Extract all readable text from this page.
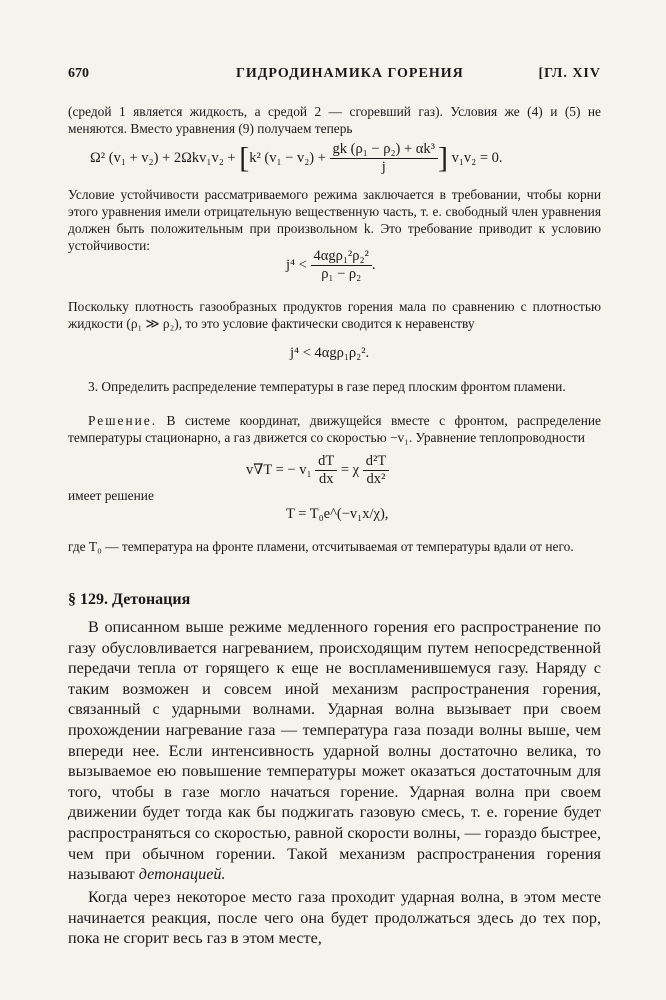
670	ГИДРОДИНАМИКА ГОРЕНИЯ	[ГЛ. XIV

(средой 1 является жидкость, а средой 2 — сгоревший газ). Условия же (4) и (5) не меняются. Вместо уравнения (9) получаем теперь

Ω² (v₁ + v₂) + 2Ωkv₁v₂ + [k² $(v_1 - v_2) + \frac{\text{gk (ρ₁ − ρ₂) + αk³}}{j}$ ] v₁v₂ = 0.

Условие устойчивости рассматриваемого режима заключается в требовании, чтобы корни этого уравнения имели отрицательную вещественную часть, т. е. свободный член уравнения должен быть положительным при произвольном k. Это требование приводит к условию устойчивости:

$j^4 < \frac{\text{4αgρ₁²ρ₂²}}{\text{ρ₁ − ρ₂}}$ .

Поскольку плотность газообразных продуктов горения мала по сравнению с плотностью жидкости (ρ₁ ≫ ρ₂), то это условие фактически сводится к неравенству

j⁴ < 4αgρ₁ρ₂².

3. Определить распределение температуры в газе перед плоским фронтом пламени.

Решение. В системе координат, движущейся вместе с фронтом, распределение температуры стационарно, а газ движется со скоростью −v₁. Уравнение теплопроводности

v∇T = − $v_1 \frac{dT}{dx} = \chi \frac{\text{d²T}}{\text{dx²}}$

имеет решение

T = T₀e^(−v₁x/χ),

где T₀ — температура на фронте пламени, отсчитываемая от температуры вдали от него.

§ 129. Детонация

В описанном выше режиме медленного горения его распространение по газу обусловливается нагреванием, происходящим путем непосредственной передачи тепла от горящего к еще не воспламенившемуся газу. Наряду с таким возможен и совсем иной механизм распространения горения, связанный с ударными волнами. Ударная волна вызывает при своем прохождении нагревание газа — температура газа позади волны выше, чем впереди нее. Если интенсивность ударной волны достаточно велика, то вызываемое ею повышение температуры может оказаться достаточным для того, чтобы в газе могло начаться горение. Ударная волна при своем движении будет тогда как бы поджигать газовую смесь, т. е. горение будет распространяться со скоростью, равной скорости волны, — гораздо быстрее, чем при обычном горении. Такой механизм распространения горения называют детонацией.

Когда через некоторое место газа проходит ударная волна, в этом месте начинается реакция, после чего она будет продолжаться здесь до тех пор, пока не сгорит весь газ в этом месте,
